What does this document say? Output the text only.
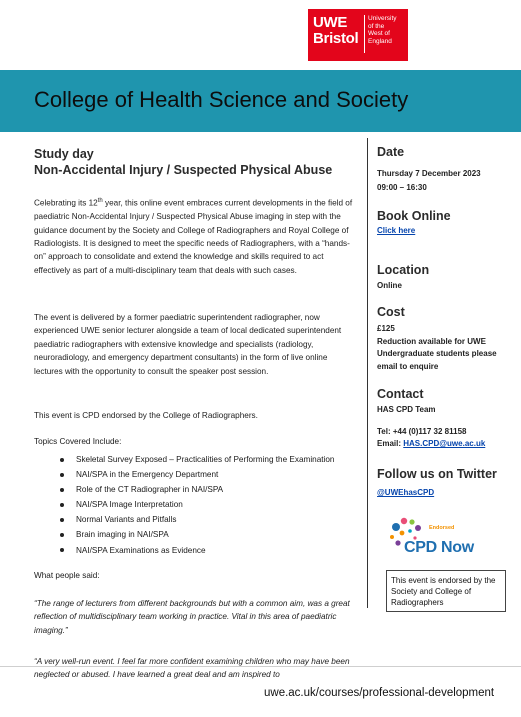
UWE
Bristol
University
of the
West of
England
College of Health Science and Society
Study day
Non-Accidental Injury / Suspected Physical Abuse
Celebrating its 12th year, this online event embraces current developments in the field of paediatric Non-Accidental Injury / Suspected Physical Abuse imaging in step with the guidance document by the Society and College of Radiographers and Royal College of Radiologists. It is designed to meet the specific needs of Radiographers, with a “hands-on” approach to consolidate and extend the knowledge and skills required to act effectively as part of a multi-disciplinary team that deals with such cases.
The event is delivered by a former paediatric superintendent radiographer, now experienced UWE senior lecturer alongside a team of local dedicated superintendent paediatric radiographers with extensive knowledge and specialists (radiology, neuroradiology, and emergency department consultants) in the form of live online lectures with the opportunity to consult the speaker post session.
This event is CPD endorsed by the College of Radiographers.
Topics Covered Include:
Skeletal Survey Exposed – Practicalities of Performing the Examination
NAI/SPA in the Emergency Department
Role of the CT Radiographer in NAI/SPA
NAI/SPA Image Interpretation
Normal Variants and Pitfalls
Brain imaging in NAI/SPA
NAI/SPA Examinations as Evidence
What people said:
“The range of lecturers from different backgrounds but with a common aim, was a great reflection of multidisciplinary team working in practice. Vital in this area of paediatric imaging.”
“A very well-run event. I feel far more confident examining children who may have been neglected or abused. I have learned a great deal and am inspired to
Date
Thursday 7 December 2023
09:00 – 16:30
Book Online
Click here
Location
Online
Cost
£125
Reduction available for UWE Undergraduate students please email to enquire
Contact
HAS CPD Team
Tel: +44 (0)117 32 81158
Email: HAS.CPD@uwe.ac.uk
Follow us on Twitter
@UWEhasCPD
Endorsed
CPD Now
This event is endorsed by the Society and College of Radiographers
uwe.ac.uk/courses/professional-development
